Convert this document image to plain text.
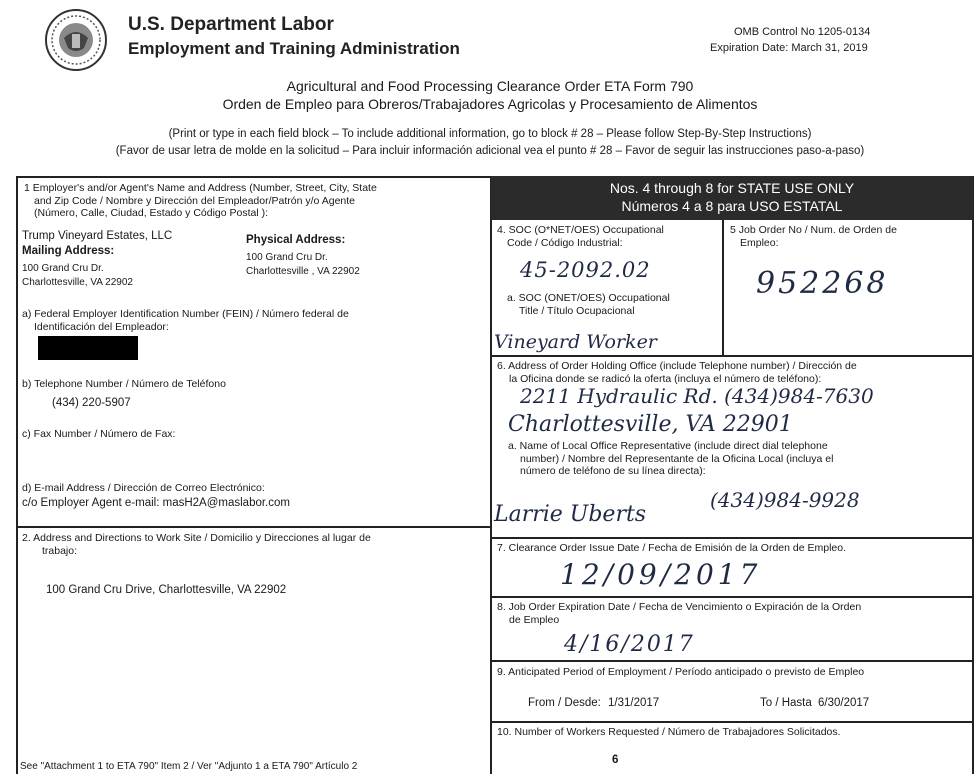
U.S. Department Labor
Employment and Training Administration
OMB Control No 1205-0134
Expiration Date: March 31, 2019
Agricultural and Food Processing Clearance Order ETA Form 790
Orden de Empleo para Obreros/Trabajadores Agricolas y Procesamiento de Alimentos
(Print or type in each field block – To include additional information, go to block # 28 – Please follow Step-By-Step Instructions)
(Favor de usar letra de molde en la solicitud – Para incluir información adicional vea el punto # 28 – Favor de seguir las instrucciones paso-a-paso)
Nos. 4 through 8 for STATE USE ONLY
Números 4 a 8 para USO ESTATAL
1 Employer's and/or Agent's Name and Address (Number, Street, City, State
and Zip Code / Nombre y Dirección del Empleador/Patrón y/o Agente
(Número, Calle, Ciudad, Estado y Código Postal ):
Trump Vineyard Estates, LLC
Mailing Address:
100 Grand Cru Dr.
Charlottesville, VA 22902
Physical Address:
100 Grand Cru Dr.
Charlottesville , VA 22902
a) Federal Employer Identification Number (FEIN) / Número federal de
Identificación del Empleador:
b) Telephone Number / Número de Teléfono
(434) 220-5907
c) Fax Number / Número de Fax:
d) E-mail Address / Dirección de Correo Electrónico:
c/o Employer Agent e-mail: masH2A@maslabor.com
2. Address and Directions to Work Site / Domicilio y Direcciones al lugar de
trabajo:
100 Grand Cru Drive, Charlottesville, VA 22902
See "Attachment 1 to ETA 790" Item 2 / Ver "Adjunto 1 a ETA 790" Artículo 2
4. SOC (O*NET/OES) Occupational
Code / Código Industrial:
45-2092.02
a. SOC (ONET/OES) Occupational
Title / Título Ocupacional
Vineyard Worker
5 Job Order No / Num. de Orden de
Empleo:
952268
6. Address of Order Holding Office (include Telephone number) / Dirección de
la Oficina donde se radicó la oferta (incluya el número de teléfono):
2211 Hydraulic Rd. (434)984-7630
Charlottesville, VA 22901
a. Name of Local Office Representative (include direct dial telephone
number) / Nombre del Representante de la Oficina Local (incluya el
número de teléfono de su línea directa):
Larrie Uberts
(434)984-9928
7. Clearance Order Issue Date / Fecha de Emisión de la Orden de Empleo.
12/09/2017
8. Job Order Expiration Date / Fecha de Vencimiento o Expiración de la Orden
de Empleo
4/16/2017
9. Anticipated Period of Employment / Período anticipado o previsto de Empleo
From / Desde: 1/31/2017	To / Hasta 6/30/2017
10. Number of Workers Requested / Número de Trabajadores Solicitados.
6
